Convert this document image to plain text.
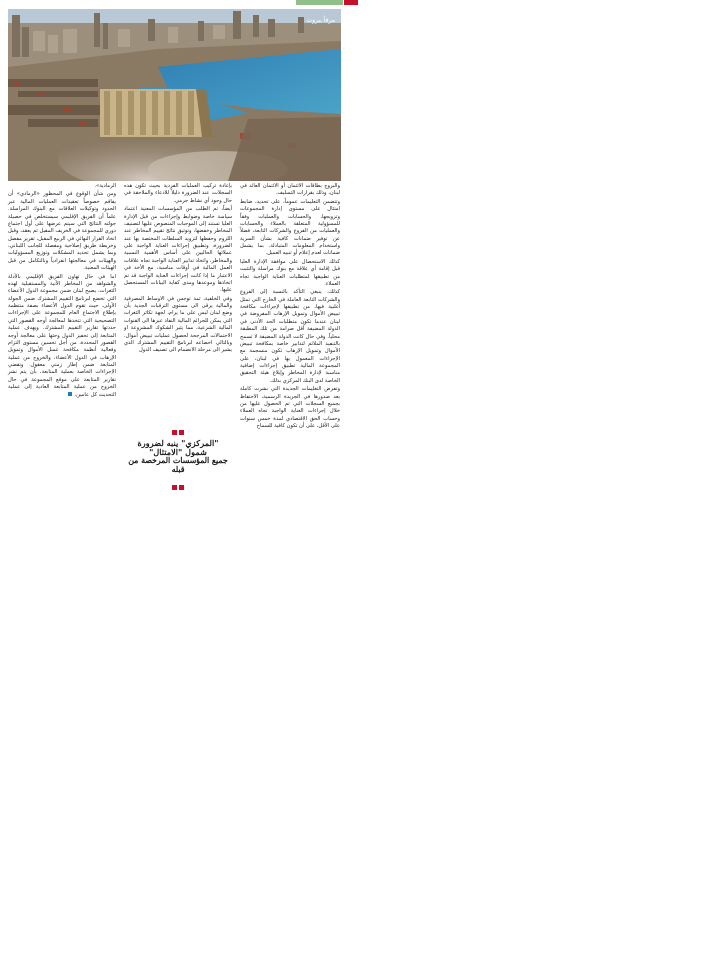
مرفأ بيروت

والبروج بطاقات الائتمان أو الائتمان العائد في لبنان، وذلك بقرارات التسليف.

وتتضمن التعليمات عموماً، على تحديد، ضابط امتثال على مستوى إدارة المجموعات وترويجها، والحسابات والعمليات وفقاً للمسؤولية المتعلقة بالعملاء والحسابات والعمليات من الفروع والشركات التابعة، فضلاً عن توفير ضمانات كافية بشأن السرية واستخدام المعلومات المتبادلة. بما يشمل ضمانات لعدم إعلام أو تنبيه العميل.

كذلك الاستحصال على موافقة الإدارة العليا قبل إقامة أي علاقة مع بنوك مراسلة والتثبت من تطبيقها لمتطلبات العناية الواجبة تجاه العملاء.

كذلك، ينبغي التأكد بالنسبة إلى الفروع والشركات التابعة العاملة في الخارج التي تمثل أغلبية فيها، من تطبيقها لإجراءات مكافحة تبييض الأموال وتمويل الإرهاب المفروضة في لبنان عندما تكون متطلبات الحد الأدنى في الدولة المضيفة أقل صرامة من تلك المطبقة محلياً. وفي حال كانت الدولة المضيفة لا تسمح بالتنفيذ الملائم لتدابير خاصة بمكافحة تبييض الأموال وتمويل الإرهاب تكون منسجمة مع الإجراءات المعمول بها في لبنان، على المجموعة المالية تطبيق إجراءات إضافية مناسبة لإدارة المخاطر وإبلاغ هيئة التحقيق الخاصة لدى البنك المركزي بذلك.

وتفرض التعليمات الجديدة التي نشرت كاملة بعد صدورها في الجريدة الرسمية، الاحتفاظ بجميع السجلات التي تم الحصول عليها من خلال إجراءات العناية الواجبة تجاه العملاء وحساب الحق الاقتصادي لمدة خمس سنوات على الأقل، على أن تكون كافية للسماح

بإعادة تركيب العمليات الفردية بحيث تكون هذه السجلات، عند الضرورة دليلاً للادعاء والملاحقة في حال وجود أي نشاط جرمي.

أيضاً، تم الطلب من المؤسسات المعنية اعتماد سياسة خاصة وضوابط وإجراءات من قبل الإدارة العليا تستند إلى الموجبات المنصوص عليها لتصنيف المخاطر وخفضها، وتوثيق نتائج تقييم المخاطر عند اللزوم وحفظها لتزويد السلطات المختصة بها عند الضرورة، وتطبيق إجراءات العناية الواجبة على عملائها الحاليين على أساس الأهمية النسبية والمخاطر، واتخاذ تدابير العناية الواجبة تجاه علاقات العمل المالية في أوقات مناسبة، مع الأخذ في الاعتبار ما إذا كانت إجراءات العناية الواجبة قد تم اتخاذها وموعدها ومدى كفاية البيانات المستحصل عليها.

وفي الخلفية، ثمة توجس في الاوساط المصرفية والمالية يرقى الى مستوى الترقبات الجدية بأن وضع لبنان ليس على ما يرام، لجهة تكاثر الثغرات التي يمكن للجرائم المالية النفاذ عبرها الى القنوات المالية الشرعية، مما يثير الشكوك المشروعة او الاحتمالات المرجحة لحصول عمليات تبييض أموال. وبالتالي اخضاعه لبرنامج التقييم المشترك الذي يشير الى مرحلة الانضمام الى تصنيف الدول

"المركزي" ينبه لضرورة
شمول "الامتثال"
جميع المؤسسات المرخصة من قبله

الرمادية».

ومن شأن الوقوع في المحظور «الرمادي» أن يفاقم خصوصاً تعقيدات العمليات المالية عبر الحدود وتوكيلات العلاقات مع البنوك المراسلة. علماً أن الفريق الإقليمي سيستخلص في حصيلة جولته النتائج التي سيتم عرضها على أول اجتماع دوري للمجموعة في الخريف المقبل ثم يعقد، وقبل اتخاذ القرار النهائي في الربيع المقبل، تقرير مفصل وخريطة طريق إصلاحية ومفصلة للجانب اللبناني، وبما يشمل تحديد المشكلات وتوزيع المسؤوليات والهيئات في معالجتها انفرادياً وبالتكامل من قبل الهيئات المعنية.

اما في حال تهاون الفريق الإقليمي بالأدلة والشواهد من المخاطر الآنية والمستقبلية لهذه الثغرات، يصبح لبنان ضمن مجموعة الدول الأعضاء التي تخضع لبرنامج التقييم المشترك ضمن الجولة الأولى. حيث تقوم الدول الأعضاء بصفة منتظمة بإطلاع الاجتماع العام للمجموعة على الإجراءات التصحيحية التي تتخذها لمعالجة أوجه القصور التي حددتها تقارير التقييم المشترك. ويهدف عملية المتابعة إلى تحفيز الدول وحثها على معالجة أوجه القصور المحددة، من أجل تحسين مستوى التزام وفعالية أنظمة مكافحة غسل الأموال وتمويل الإرهاب في الدول الأعضاء، والخروج من عملية المتابعة ضمن إطار زمني معقول. وتقضي الإجراءات الخاصة بعملية المتابعة، بأن يتم نشر تقارير المتابعة على موقع المجموعة في حال الخروج من عملية المتابعة العادية إلى عملية التحديث كل عامين.
